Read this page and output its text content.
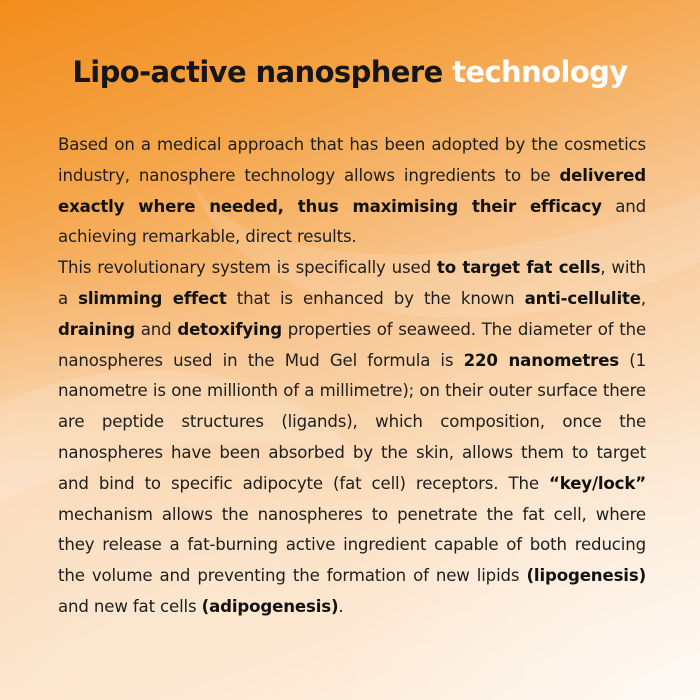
Lipo-active nanosphere technology

Based on a medical approach that has been adopted by the cosmetics industry, nanosphere technology allows ingredients to be delivered exactly where needed, thus maximising their efficacy and achieving remarkable, direct results.

This revolutionary system is specifically used to target fat cells, with a slimming effect that is enhanced by the known anti-cellulite, draining and detoxifying properties of seaweed. The diameter of the nanospheres used in the Mud Gel formula is 220 nanometres (1 nanometre is one millionth of a millimetre); on their outer surface there are peptide structures (ligands), which composition, once the nanospheres have been absorbed by the skin, allows them to target and bind to specific adipocyte (fat cell) receptors. The “key/lock” mechanism allows the nanospheres to penetrate the fat cell, where they release a fat-burning active ingredient capable of both reducing the volume and preventing the formation of new lipids (lipogenesis) and new fat cells (adipogenesis).
